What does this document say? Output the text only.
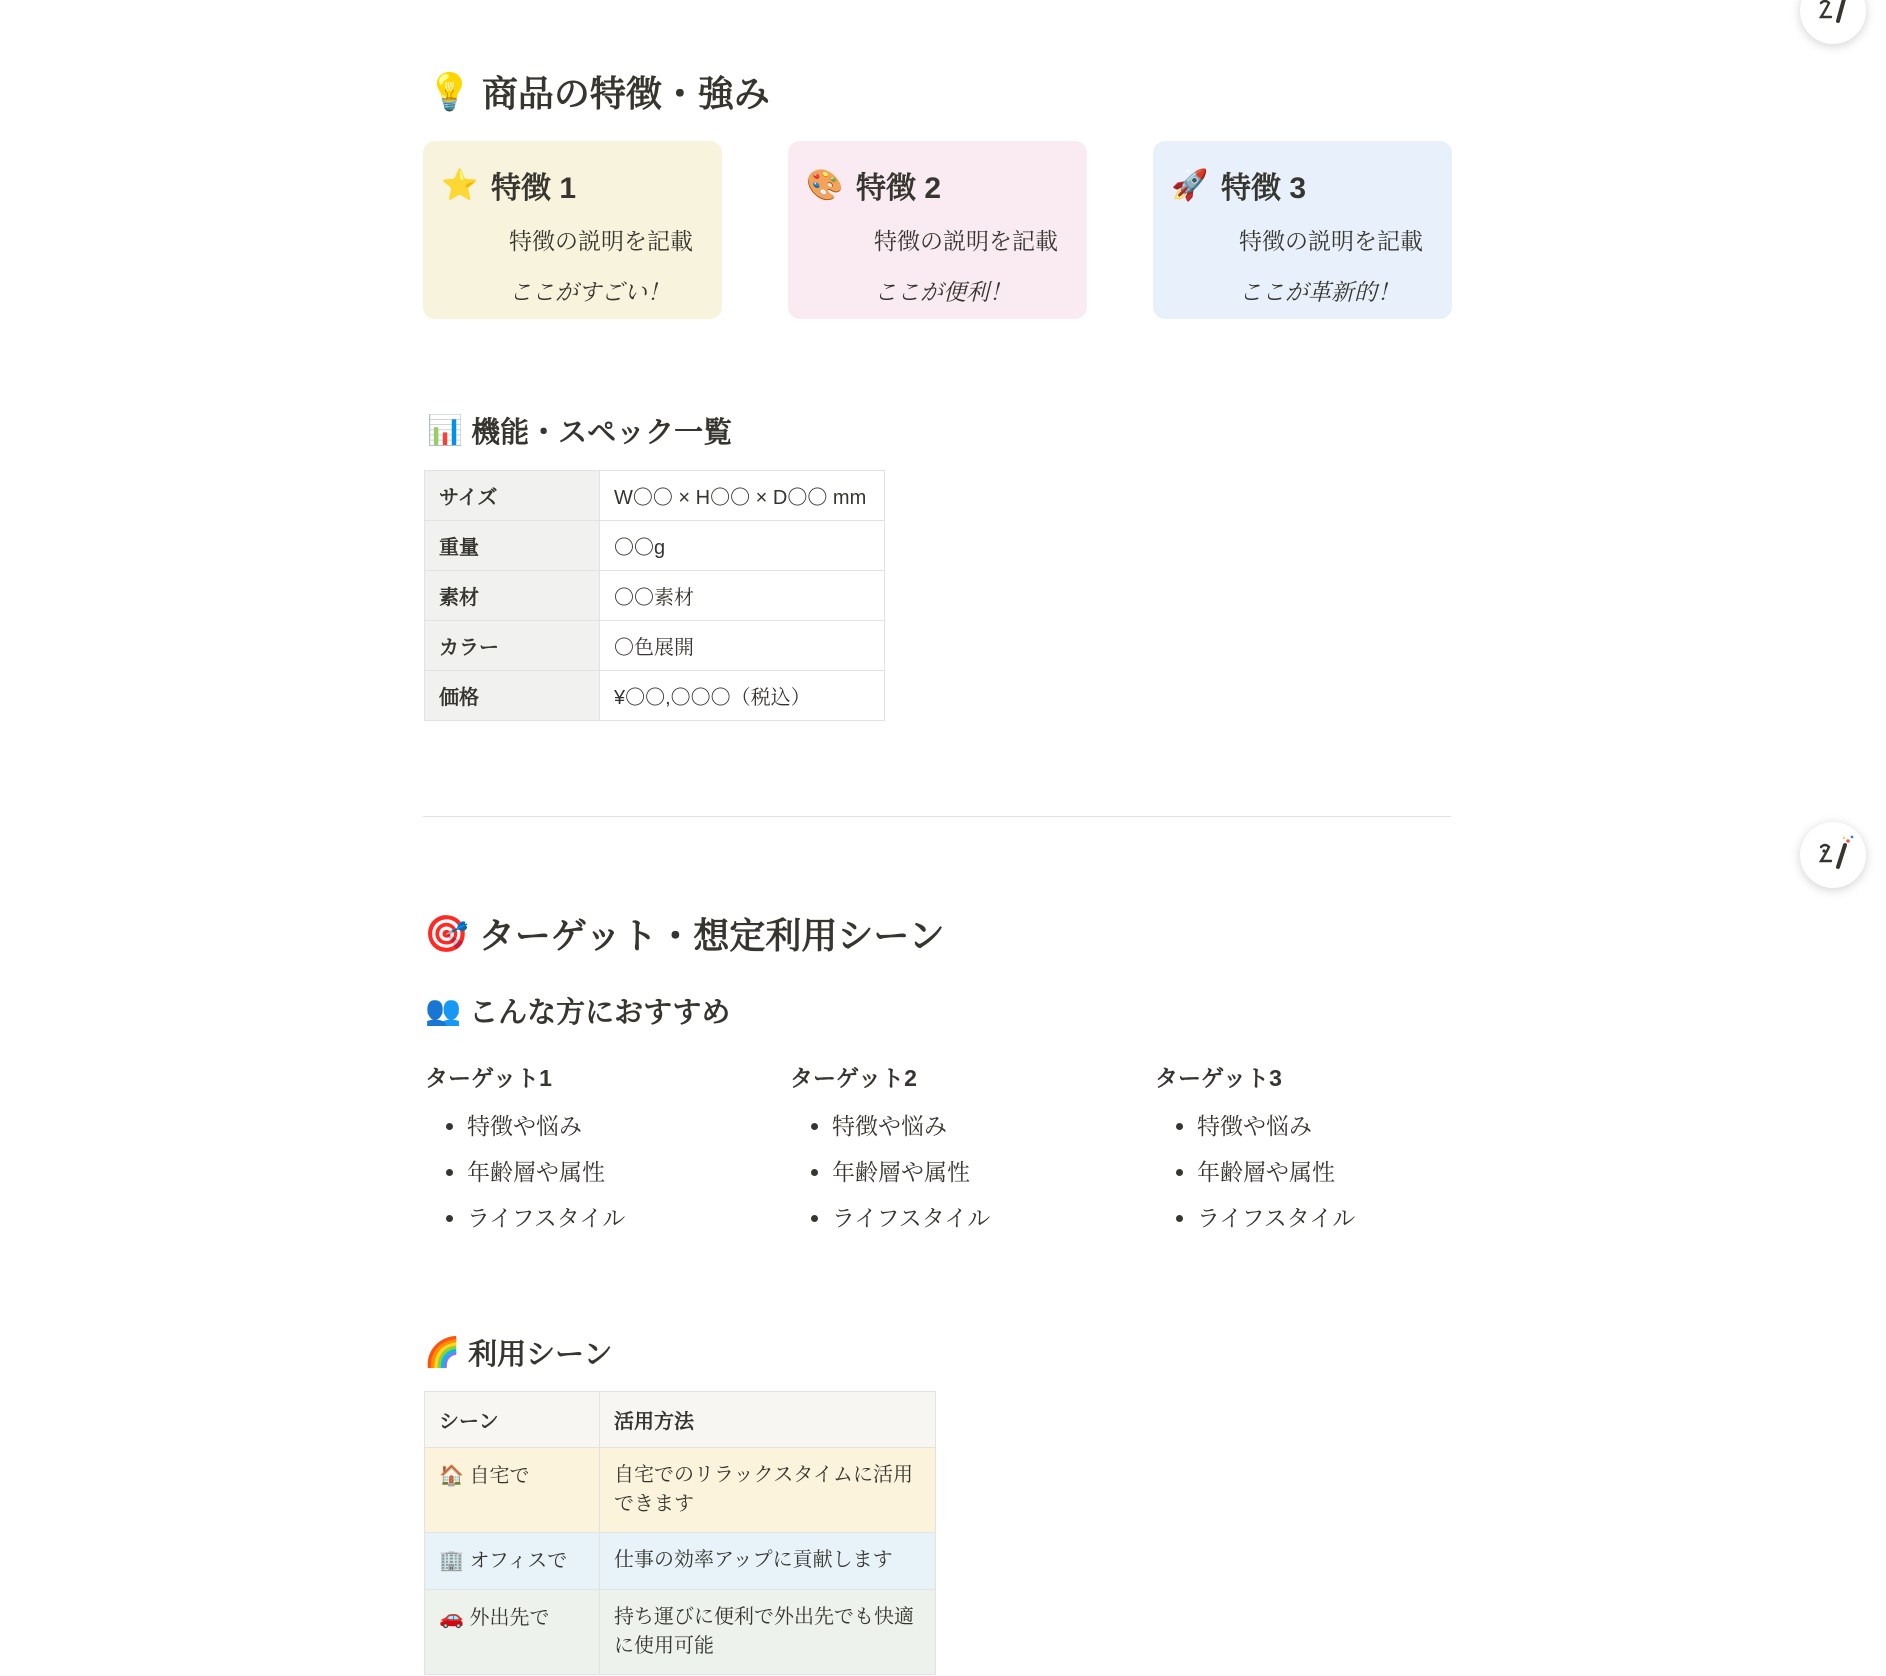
💡 商品の特徴・強み
⭐ 特徴 1
特徴の説明を記載
ここがすごい！
🎨 特徴 2
特徴の説明を記載
ここが便利！
🚀 特徴 3
特徴の説明を記載
ここが革新的！
📊 機能・スペック一覧
サイズ	W〇〇 × H〇〇 × D〇〇 mm
重量	〇〇g
素材	〇〇素材
カラー	〇色展開
価格	¥〇〇,〇〇〇（税込）
🎯 ターゲット・想定利用シーン
👥 こんな方におすすめ
ターゲット1
• 特徴や悩み
• 年齢層や属性
• ライフスタイル
ターゲット2
• 特徴や悩み
• 年齢層や属性
• ライフスタイル
ターゲット3
• 特徴や悩み
• 年齢層や属性
• ライフスタイル
🌈 利用シーン
シーン	活用方法
🏠 自宅で	自宅でのリラックスタイムに活用できます
🏢 オフィスで	仕事の効率アップに貢献します
🚗 外出先で	持ち運びに便利で外出先でも快適に使用可能
